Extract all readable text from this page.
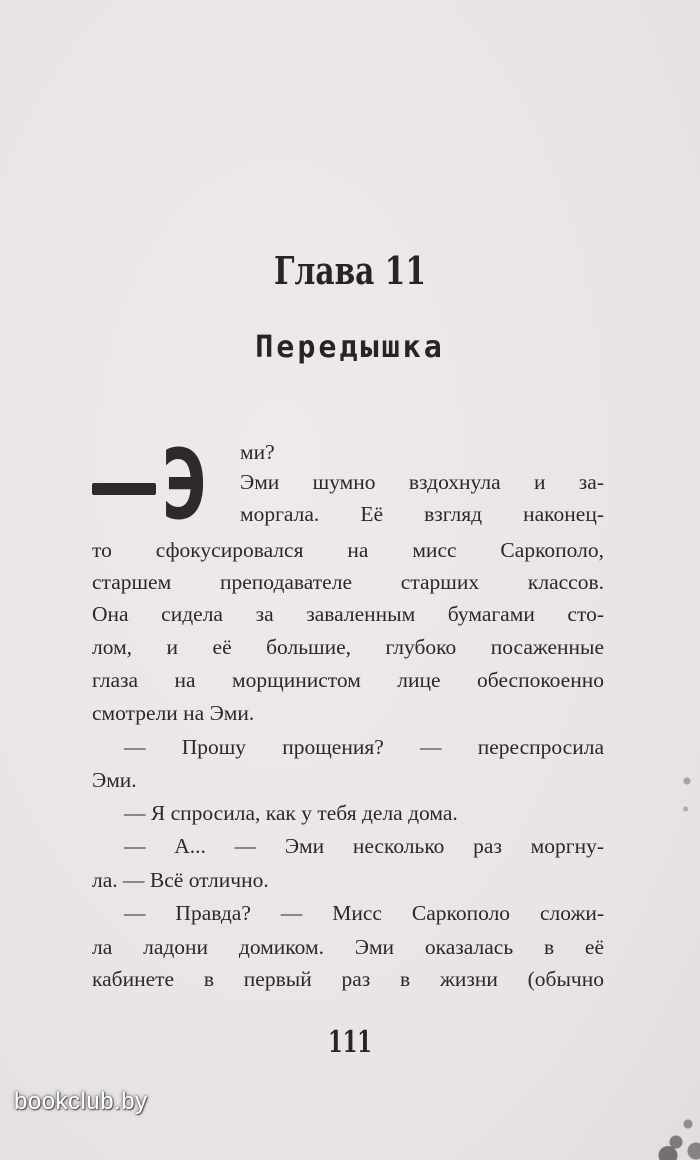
Глава 11
Передышка
Э ми?
Эми шумно вздохнула и за-
моргала. Её взгляд наконец-
то сфокусировался на мисс Саркополо,
старшем преподавателе старших классов.
Она сидела за заваленным бумагами сто-
лом, и её большие, глубоко посаженные
глаза на морщинистом лице обеспокоенно
смотрели на Эми.
— Прошу прощения? — переспросила
Эми.
— Я спросила, как у тебя дела дома.
— А... — Эми несколько раз моргну-
ла. — Всё отлично.
— Правда? — Мисс Саркополо сложи-
ла ладони домиком. Эми оказалась в её
кабинете в первый раз в жизни (обычно
111
bookclub.by
